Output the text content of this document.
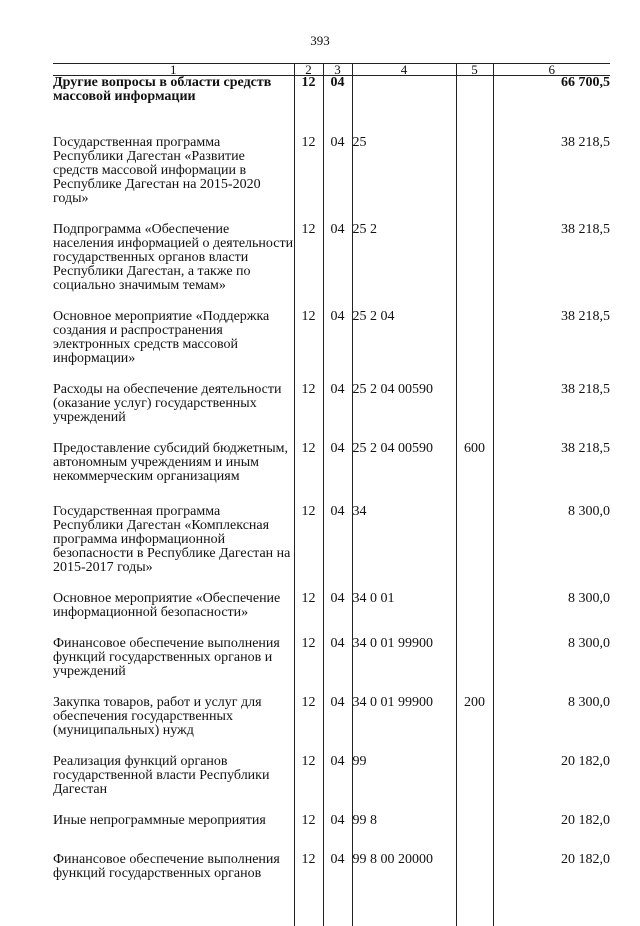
393
1	2	3	4	5	6
Другие вопросы в области средств массовой информации	12	04			66 700,5
Государственная программа Республики Дагестан «Развитие средств массовой информации в Республике Дагестан на 2015-2020 годы»	12	04	25		38 218,5
Подпрограмма «Обеспечение населения информацией о деятельности государственных органов власти Республики Дагестан, а также по социально значимым темам»	12	04	25 2		38 218,5
Основное мероприятие «Поддержка создания и распространения электронных средств массовой информации»	12	04	25 2 04		38 218,5
Расходы на обеспечение деятельности (оказание услуг) государственных учреждений	12	04	25 2 04 00590		38 218,5
Предоставление субсидий бюджетным, автономным учреждениям и иным некоммерческим организациям	12	04	25 2 04 00590	600	38 218,5
Государственная программа Республики Дагестан «Комплексная программа информационной безопасности в Республике Дагестан на 2015-2017 годы»	12	04	34		8 300,0
Основное мероприятие «Обеспечение информационной безопасности»	12	04	34 0 01		8 300,0
Финансовое обеспечение выполнения функций государственных органов и учреждений	12	04	34 0 01 99900		8 300,0
Закупка товаров, работ и услуг для обеспечения государственных (муниципальных) нужд	12	04	34 0 01 99900	200	8 300,0
Реализация функций органов государственной власти Республики Дагестан	12	04	99		20 182,0
Иные непрограммные мероприятия	12	04	99 8		20 182,0
Финансовое обеспечение выполнения функций государственных органов	12	04	99 8 00 20000		20 182,0
